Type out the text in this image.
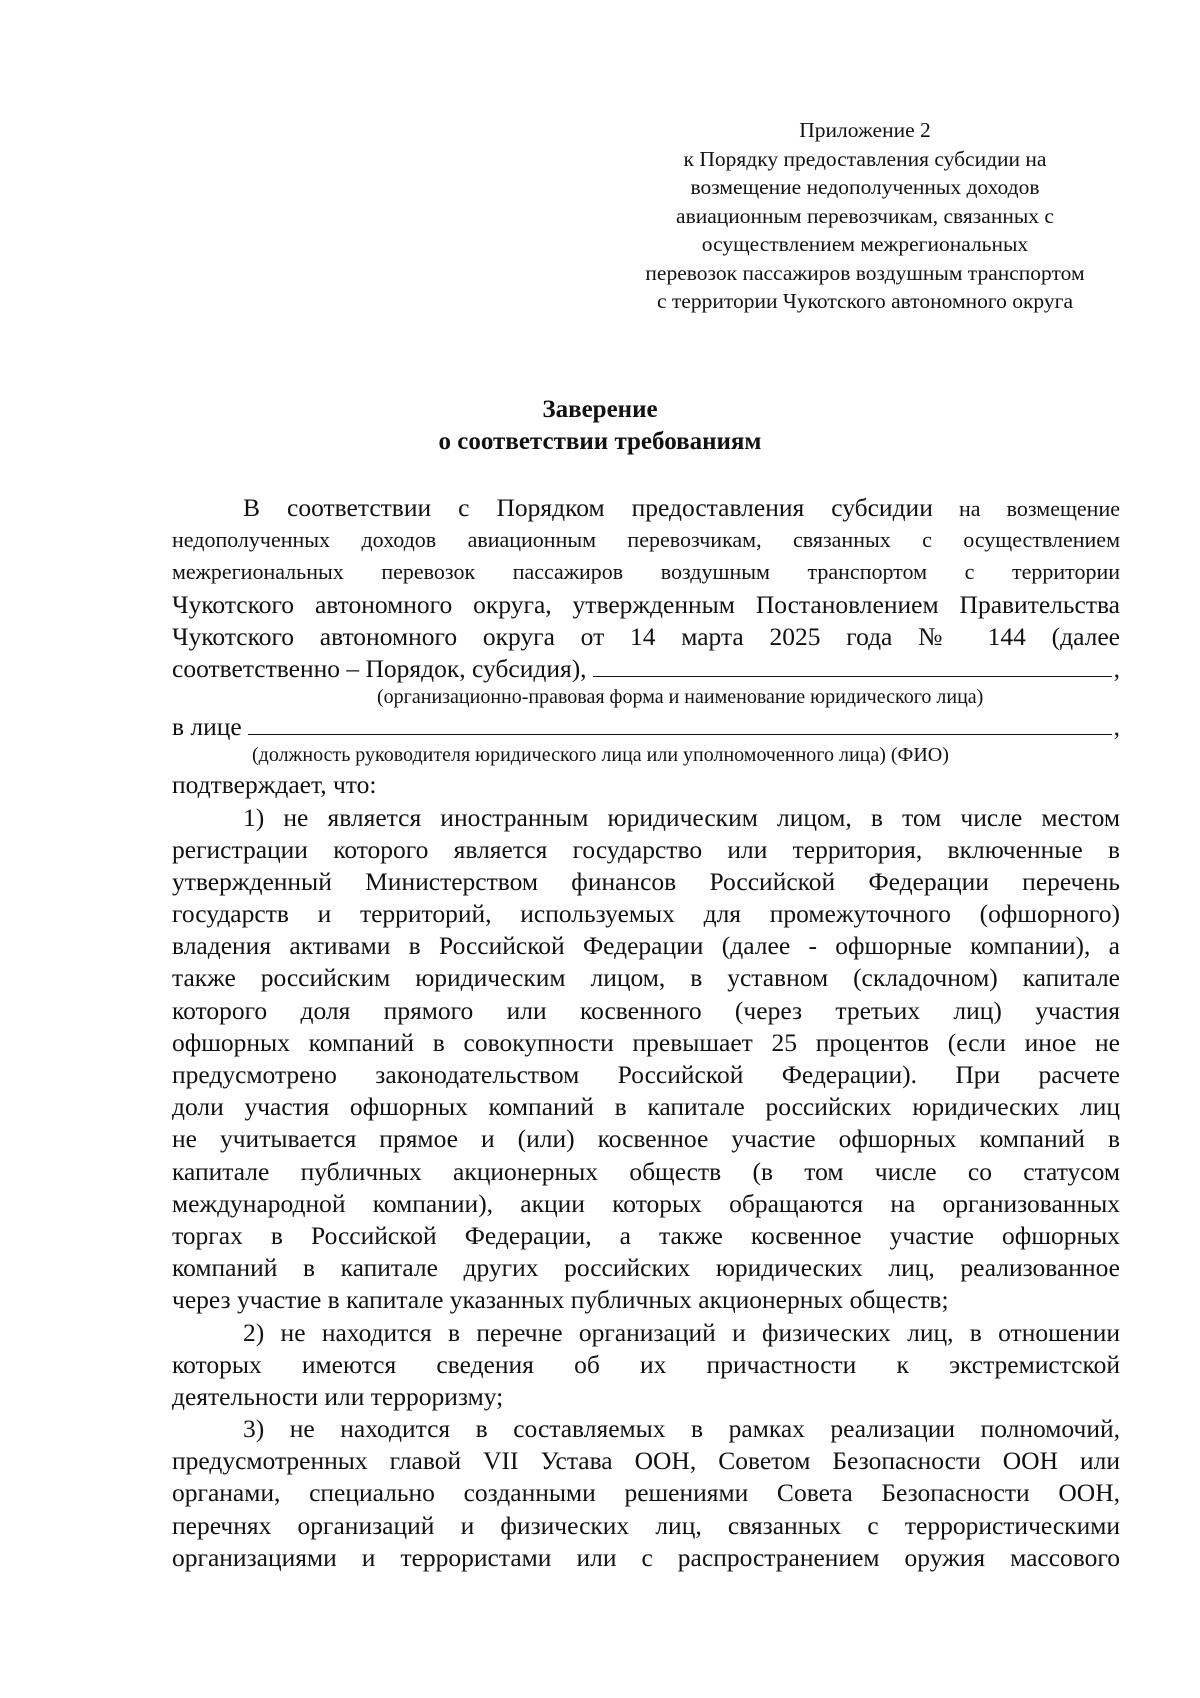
Приложение 2
к Порядку предоставления субсидии на
возмещение недополученных доходов
авиационным перевозчикам, связанных с
осуществлением межрегиональных
перевозок пассажиров воздушным транспортом
с территории Чукотского автономного округа
Заверение
о соответствии требованиям
В соответствии с Порядком предоставления субсидии на возмещение
недополученных доходов авиационным перевозчикам, связанных с осуществлением
межрегиональных перевозок пассажиров воздушным транспортом с территории
Чукотского автономного округа, утвержденным Постановлением Правительства
Чукотского автономного округа от 14 марта 2025 года № 144 (далее
соответственно – Порядок, субсидия),	,
(организационно-правовая форма и наименование юридического лица)
в лице	,
(должность руководителя юридического лица или уполномоченного лица) (ФИО)
подтверждает, что:
1) не является иностранным юридическим лицом, в том числе местом
регистрации которого является государство или территория, включенные в
утвержденный Министерством финансов Российской Федерации перечень
государств и территорий, используемых для промежуточного (офшорного)
владения активами в Российской Федерации (далее - офшорные компании), а
также российским юридическим лицом, в уставном (складочном) капитале
которого доля прямого или косвенного (через третьих лиц) участия
офшорных компаний в совокупности превышает 25 процентов (если иное не
предусмотрено законодательством Российской Федерации). При расчете
доли участия офшорных компаний в капитале российских юридических лиц
не учитывается прямое и (или) косвенное участие офшорных компаний в
капитале публичных акционерных обществ (в том числе со статусом
международной компании), акции которых обращаются на организованных
торгах в Российской Федерации, а также косвенное участие офшорных
компаний в капитале других российских юридических лиц, реализованное
через участие в капитале указанных публичных акционерных обществ;
2) не находится в перечне организаций и физических лиц, в отношении
которых имеются сведения об их причастности к экстремистской
деятельности или терроризму;
3) не находится в составляемых в рамках реализации полномочий,
предусмотренных главой VII Устава ООН, Советом Безопасности ООН или
органами, специально созданными решениями Совета Безопасности ООН,
перечнях организаций и физических лиц, связанных с террористическими
организациями и террористами или с распространением оружия массового
